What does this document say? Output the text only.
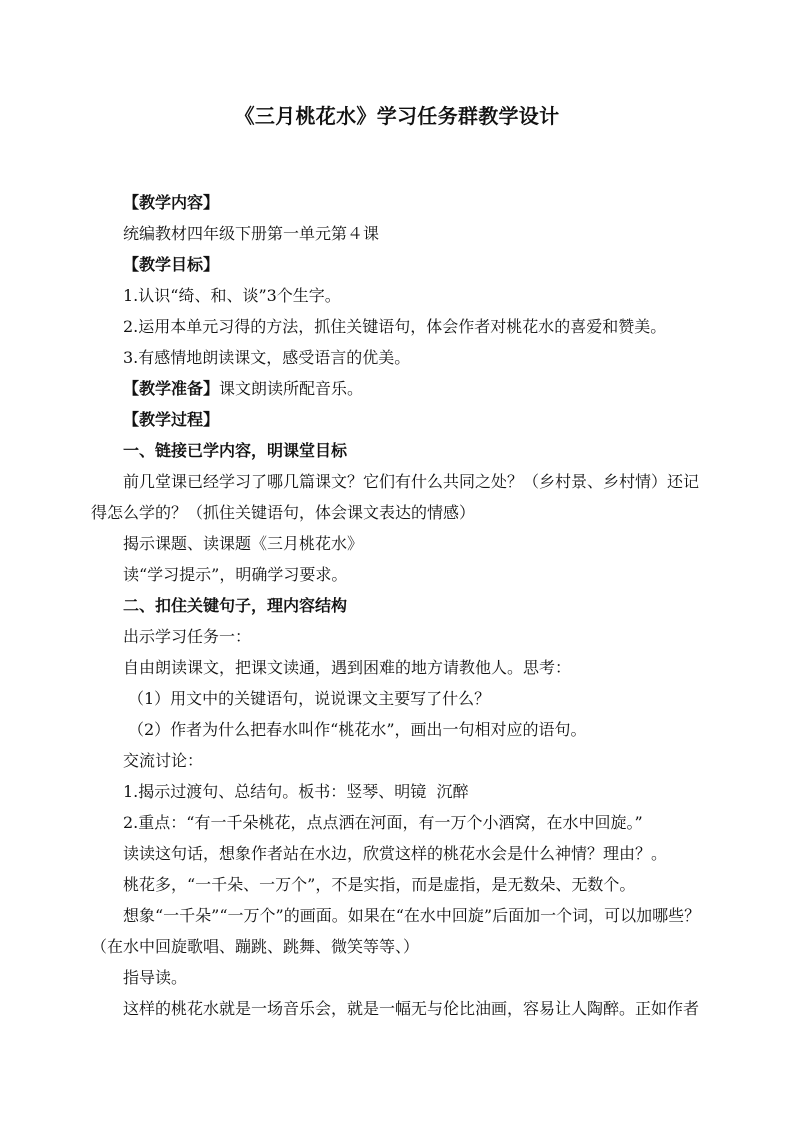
《三月桃花水》学习任务群教学设计

【教学内容】

统编教材四年级下册第一单元第４课

【教学目标】

1.认识“绮、和、谈”3个生字。

2.运用本单元习得的方法，抓住关键语句，体会作者对桃花水的喜爱和赞美。

3.有感情地朗读课文，感受语言的优美。

【教学准备】课文朗读所配音乐。

【教学过程】

一、链接已学内容，明课堂目标

前几堂课已经学习了哪几篇课文？它们有什么共同之处？（乡村景、乡村情）还记得怎么学的？（抓住关键语句，体会课文表达的情感）

揭示课题、读课题《三月桃花水》

读“学习提示”，明确学习要求。

二、扣住关键句子，理内容结构

出示学习任务一：

自由朗读课文，把课文读通，遇到困难的地方请教他人。思考：

（1）用文中的关键语句，说说课文主要写了什么？

（2）作者为什么把春水叫作“桃花水”，画出一句相对应的语句。

交流讨论：

1.揭示过渡句、总结句。板书：竖琴、明镜  沉醉

2.重点：“有一千朵桃花，点点洒在河面，有一万个小酒窝，在水中回旋。”

读读这句话，想象作者站在水边，欣赏这样的桃花水会是什么神情？理由？。

桃花多，“一千朵、一万个”，不是实指，而是虚指，是无数朵、无数个。

想象“一千朵”“一万个”的画面。如果在“在水中回旋”后面加一个词，可以加哪些？（在水中回旋歌唱、蹦跳、跳舞、微笑等等、）

指导读。

这样的桃花水就是一场音乐会，就是一幅无与伦比油画，容易让人陶醉。正如作者
